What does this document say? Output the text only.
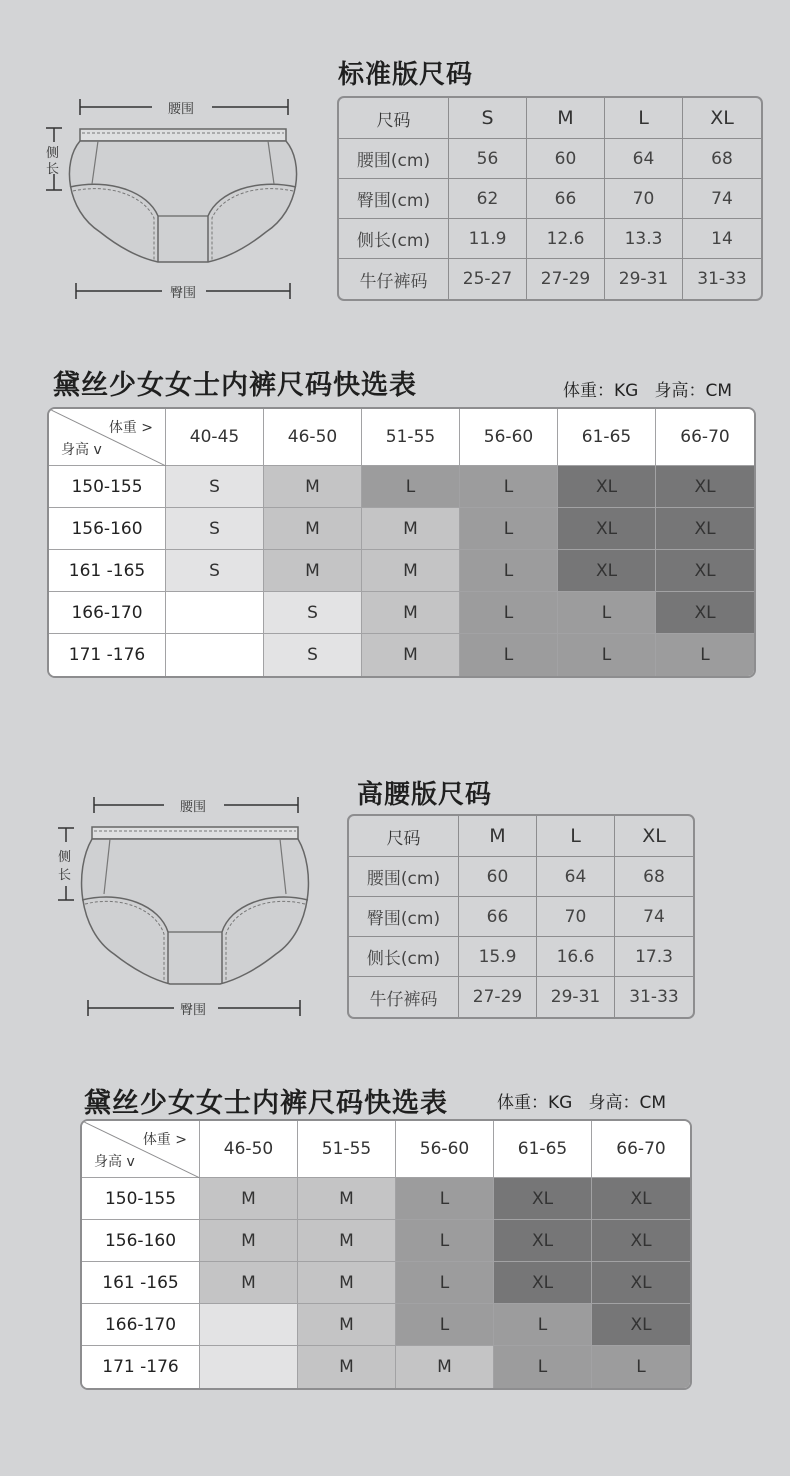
腰围
臀围
侧
长
标准版尺码
尺码	S	M	L	XL
腰围(cm)	56	60	64	68
臀围(cm)	62	66	70	74
侧长(cm)	11.9	12.6	13.3	14
牛仔裤码	25-27	27-29	29-31	31-33
黛丝少女女士内裤尺码快选表	体重：KG   身高：CM
体重 >
身高 v	40-45	46-50	51-55	56-60	61-65	66-70
150-155	S	M	L	L	XL	XL
156-160	S	M	M	L	XL	XL
161 -165	S	M	M	L	XL	XL
166-170		S	M	L	L	XL
171 -176		S	M	L	L	L
腰围
臀围
侧
长
高腰版尺码
尺码	M	L	XL
腰围(cm)	60	64	68
臀围(cm)	66	70	74
侧长(cm)	15.9	16.6	17.3
牛仔裤码	27-29	29-31	31-33
黛丝少女女士内裤尺码快选表	体重：KG   身高：CM
体重 >
身高 v	46-50	51-55	56-60	61-65	66-70
150-155	M	M	L	XL	XL
156-160	M	M	L	XL	XL
161 -165	M	M	L	XL	XL
166-170		M	L	L	XL
171 -176		M	M	L	L
